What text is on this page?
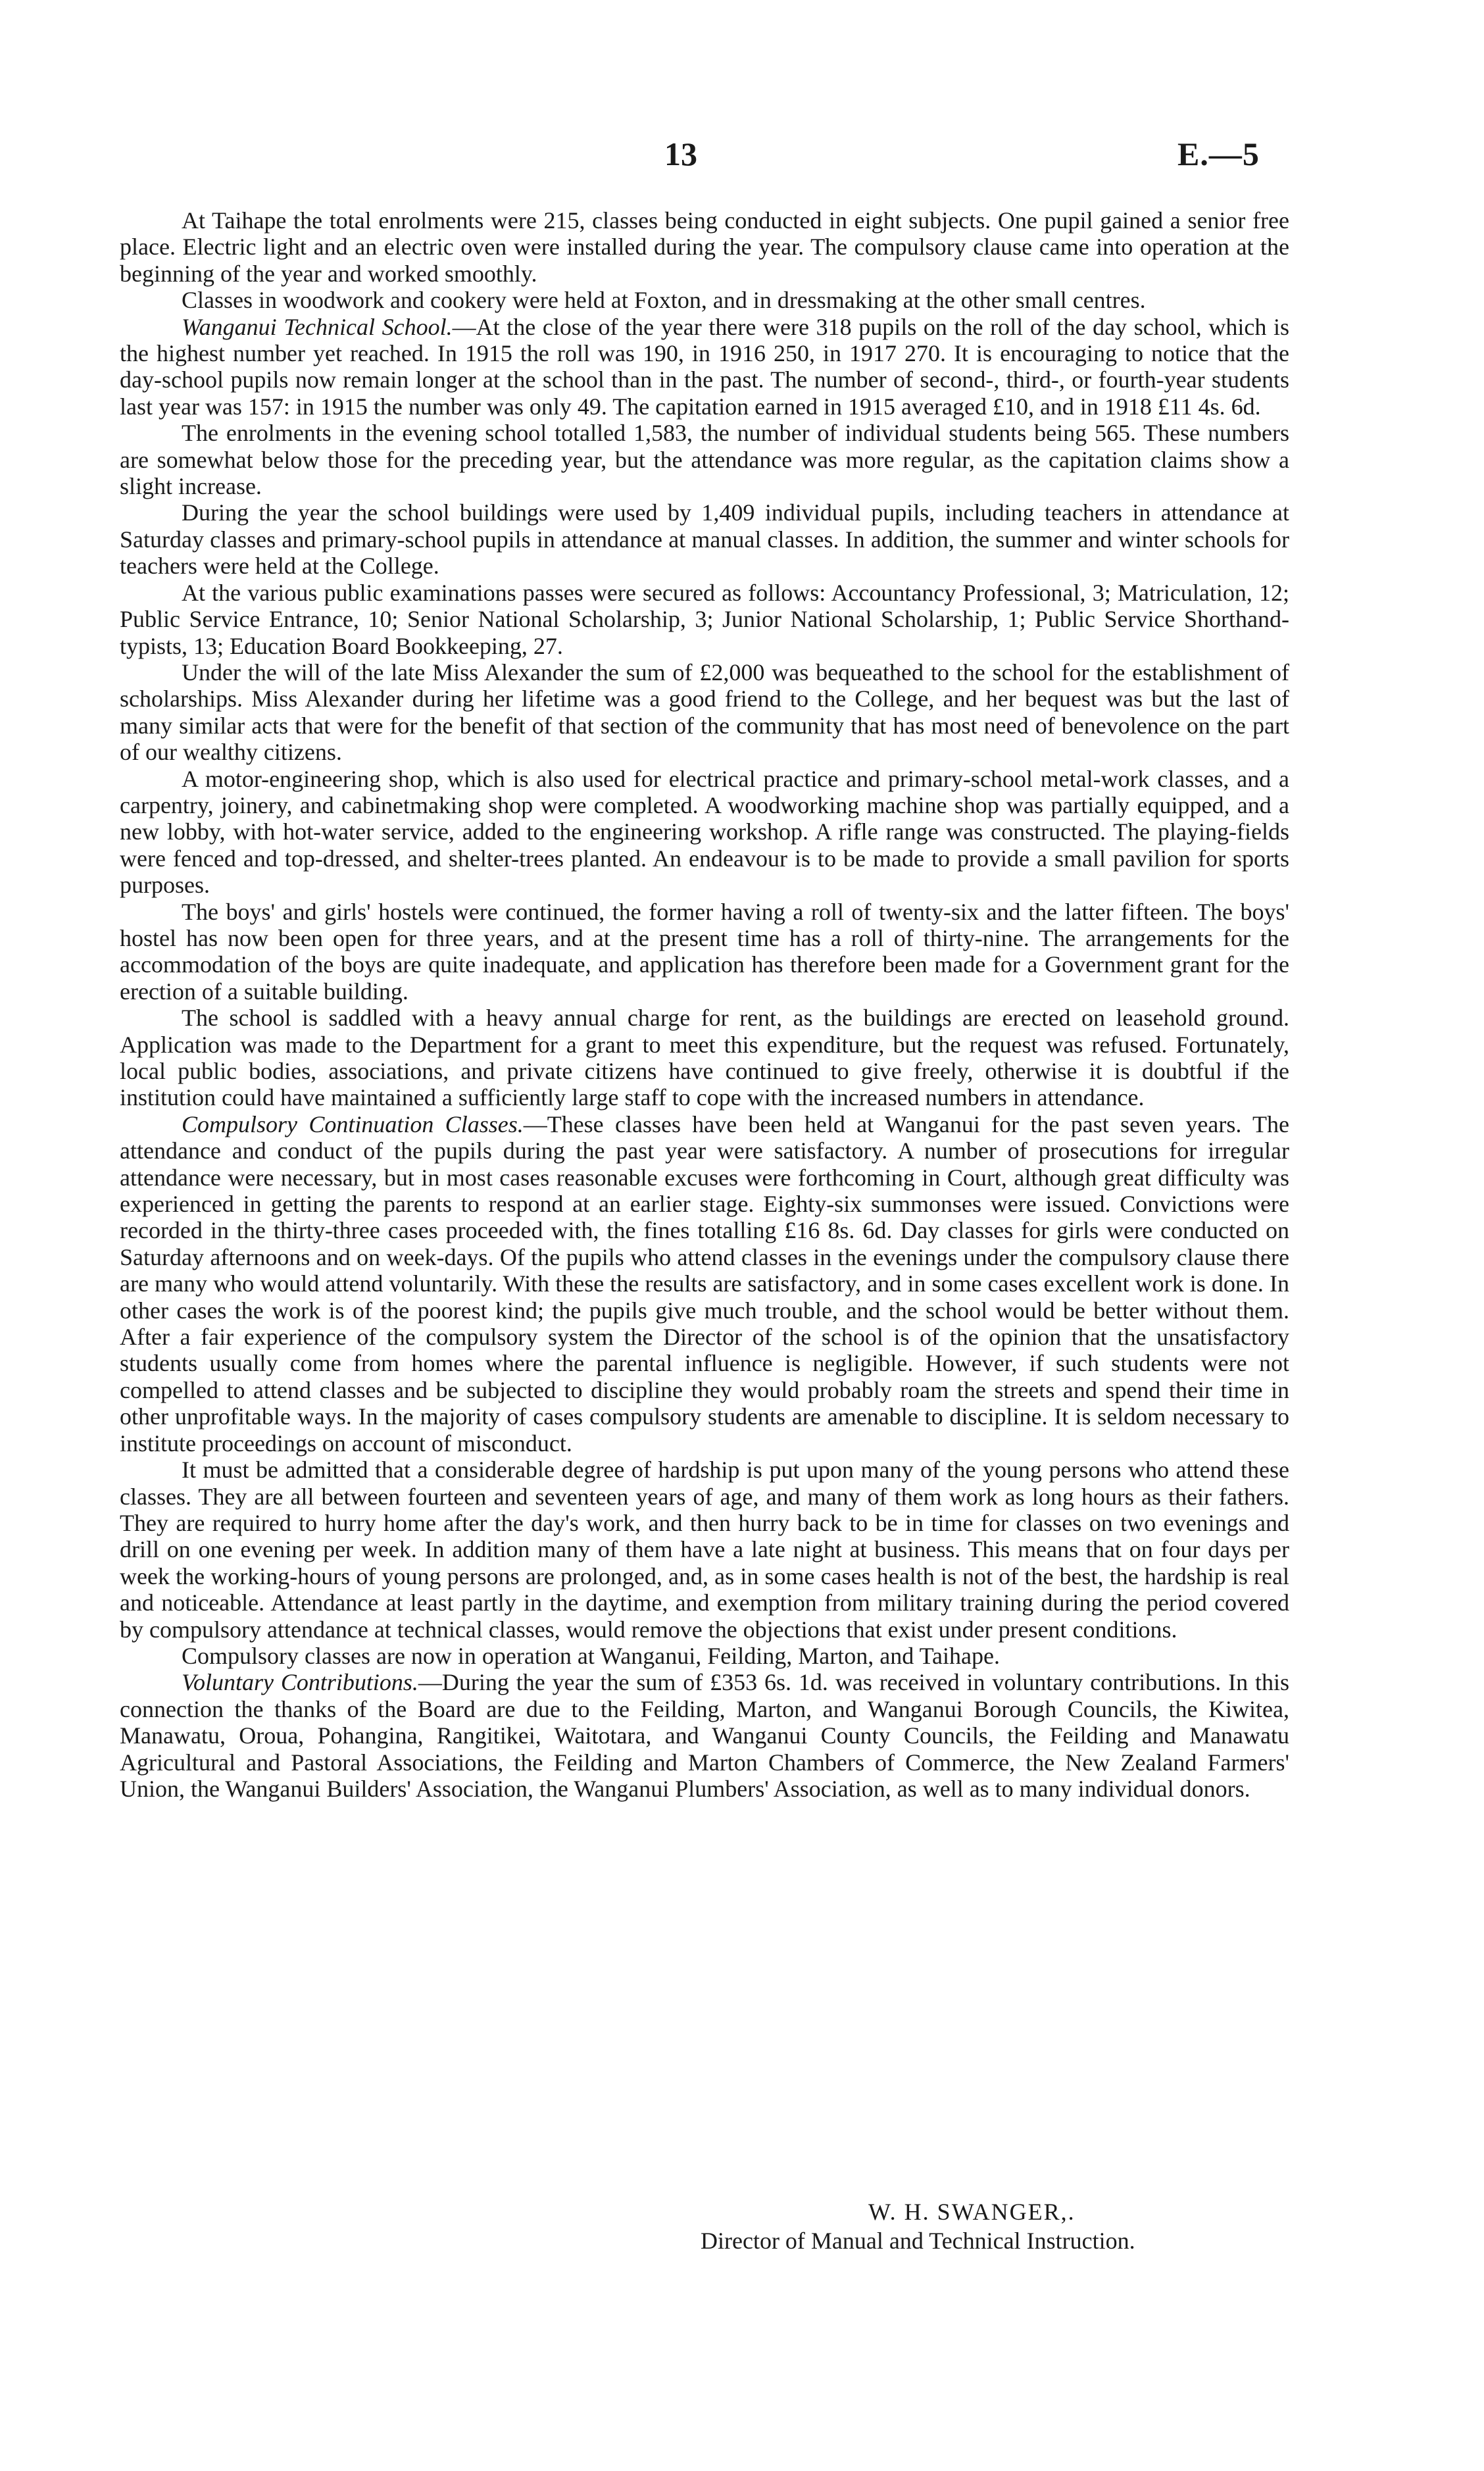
13	E.—5

At Taihape the total enrolments were 215, classes being conducted in eight subjects. One pupil gained a senior free place. Electric light and an electric oven were installed during the year. The compulsory clause came into operation at the beginning of the year and worked smoothly.

Classes in woodwork and cookery were held at Foxton, and in dressmaking at the other small centres.

Wanganui Technical School.—At the close of the year there were 318 pupils on the roll of the day school, which is the highest number yet reached. In 1915 the roll was 190, in 1916 250, in 1917 270. It is encouraging to notice that the day-school pupils now remain longer at the school than in the past. The number of second-, third-, or fourth-year students last year was 157: in 1915 the number was only 49. The capitation earned in 1915 averaged £10, and in 1918 £11 4s. 6d.

The enrolments in the evening school totalled 1,583, the number of individual students being 565. These numbers are somewhat below those for the preceding year, but the attendance was more regular, as the capitation claims show a slight increase.

During the year the school buildings were used by 1,409 individual pupils, including teachers in attendance at Saturday classes and primary-school pupils in attendance at manual classes. In addition, the summer and winter schools for teachers were held at the College.

At the various public examinations passes were secured as follows: Accountancy Professional, 3; Matriculation, 12; Public Service Entrance, 10; Senior National Scholarship, 3; Junior National Scholarship, 1; Public Service Shorthand-typists, 13; Education Board Bookkeeping, 27.

Under the will of the late Miss Alexander the sum of £2,000 was bequeathed to the school for the establishment of scholarships. Miss Alexander during her lifetime was a good friend to the College, and her bequest was but the last of many similar acts that were for the benefit of that section of the community that has most need of benevolence on the part of our wealthy citizens.

A motor-engineering shop, which is also used for electrical practice and primary-school metal-work classes, and a carpentry, joinery, and cabinetmaking shop were completed. A woodworking machine shop was partially equipped, and a new lobby, with hot-water service, added to the engineering workshop. A rifle range was constructed. The playing-fields were fenced and top-dressed, and shelter-trees planted. An endeavour is to be made to provide a small pavilion for sports purposes.

The boys' and girls' hostels were continued, the former having a roll of twenty-six and the latter fifteen. The boys' hostel has now been open for three years, and at the present time has a roll of thirty-nine. The arrangements for the accommodation of the boys are quite inadequate, and application has therefore been made for a Government grant for the erection of a suitable building.

The school is saddled with a heavy annual charge for rent, as the buildings are erected on leasehold ground. Application was made to the Department for a grant to meet this expenditure, but the request was refused. Fortunately, local public bodies, associations, and private citizens have continued to give freely, otherwise it is doubtful if the institution could have maintained a sufficiently large staff to cope with the increased numbers in attendance.

Compulsory Continuation Classes.—These classes have been held at Wanganui for the past seven years. The attendance and conduct of the pupils during the past year were satisfactory. A number of prosecutions for irregular attendance were necessary, but in most cases reasonable excuses were forthcoming in Court, although great difficulty was experienced in getting the parents to respond at an earlier stage. Eighty-six summonses were issued. Convictions were recorded in the thirty-three cases proceeded with, the fines totalling £16 8s. 6d. Day classes for girls were conducted on Saturday afternoons and on week-days. Of the pupils who attend classes in the evenings under the compulsory clause there are many who would attend voluntarily. With these the results are satisfactory, and in some cases excellent work is done. In other cases the work is of the poorest kind; the pupils give much trouble, and the school would be better without them. After a fair experience of the compulsory system the Director of the school is of the opinion that the unsatisfactory students usually come from homes where the parental influence is negligible. However, if such students were not compelled to attend classes and be subjected to discipline they would probably roam the streets and spend their time in other unprofitable ways. In the majority of cases compulsory students are amenable to discipline. It is seldom necessary to institute proceedings on account of misconduct.

It must be admitted that a considerable degree of hardship is put upon many of the young persons who attend these classes. They are all between fourteen and seventeen years of age, and many of them work as long hours as their fathers. They are required to hurry home after the day's work, and then hurry back to be in time for classes on two evenings and drill on one evening per week. In addition many of them have a late night at business. This means that on four days per week the working-hours of young persons are prolonged, and, as in some cases health is not of the best, the hardship is real and noticeable. Attendance at least partly in the daytime, and exemption from military training during the period covered by compulsory attendance at technical classes, would remove the objections that exist under present conditions.

Compulsory classes are now in operation at Wanganui, Feilding, Marton, and Taihape.

Voluntary Contributions.—During the year the sum of £353 6s. 1d. was received in voluntary contributions. In this connection the thanks of the Board are due to the Feilding, Marton, and Wanganui Borough Councils, the Kiwitea, Manawatu, Oroua, Pohangina, Rangitikei, Waitotara, and Wanganui County Councils, the Feilding and Manawatu Agricultural and Pastoral Associations, the Feilding and Marton Chambers of Commerce, the New Zealand Farmers' Union, the Wanganui Builders' Association, the Wanganui Plumbers' Association, as well as to many individual donors.

W. H. SWANGER,.
Director of Manual and Technical Instruction.
